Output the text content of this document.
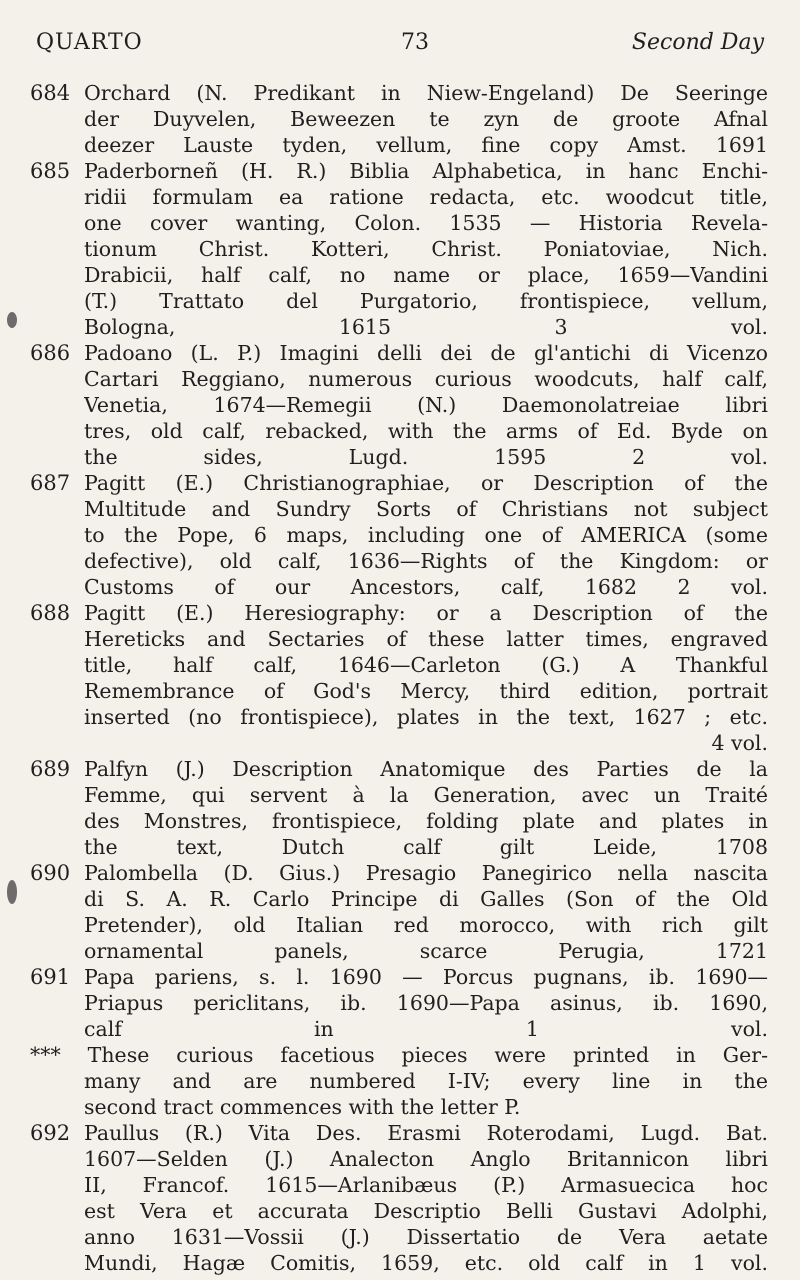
QUARTO	73	Second Day
684 Orchard (N. Predikant in Niew-Engeland) De Seeringe
der Duyvelen, Beweezen te zyn de groote Afnal
deezer Lauste tyden, vellum, fine copy Amst. 1691
685 Paderborneñ (H. R.) Biblia Alphabetica, in hanc Enchi-
ridii formulam ea ratione redacta, etc. woodcut title,
one cover wanting, Colon. 1535 — Historia Revela-
tionum Christ. Kotteri, Christ. Poniatoviae, Nich.
Drabicii, half calf, no name or place, 1659—Vandini
(T.) Trattato del Purgatorio, frontispiece, vellum,
Bologna, 1615 3 vol.
686 Padoano (L. P.) Imagini delli dei de gl'antichi di Vicenzo
Cartari Reggiano, numerous curious woodcuts, half calf,
Venetia, 1674—Remegii (N.) Daemonolatreiae libri
tres, old calf, rebacked, with the arms of Ed. Byde on
the sides, Lugd. 1595 2 vol.
687 Pagitt (E.) Christianographiae, or Description of the
Multitude and Sundry Sorts of Christians not subject
to the Pope, 6 maps, including one of AMERICA (some
defective), old calf, 1636—Rights of the Kingdom: or
Customs of our Ancestors, calf, 1682 2 vol.
688 Pagitt (E.) Heresiography: or a Description of the
Hereticks and Sectaries of these latter times, engraved
title, half calf, 1646—Carleton (G.) A Thankful
Remembrance of God's Mercy, third edition, portrait
inserted (no frontispiece), plates in the text, 1627 ; etc.
4 vol.
689 Palfyn (J.) Description Anatomique des Parties de la
Femme, qui servent à la Generation, avec un Traité
des Monstres, frontispiece, folding plate and plates in
the text, Dutch calf gilt Leide, 1708
690 Palombella (D. Gius.) Presagio Panegirico nella nascita
di S. A. R. Carlo Principe di Galles (Son of the Old
Pretender), old Italian red morocco, with rich gilt
ornamental panels, scarce Perugia, 1721
691 Papa pariens, s. l. 1690 — Porcus pugnans, ib. 1690—
Priapus periclitans, ib. 1690—Papa asinus, ib. 1690,
calf in 1 vol.
*** These curious facetious pieces were printed in Ger-
many and are numbered I-IV; every line in the
second tract commences with the letter P.
692 Paullus (R.) Vita Des. Erasmi Roterodami, Lugd. Bat.
1607—Selden (J.) Analecton Anglo Britannicon libri
II, Francof. 1615—Arlanibæus (P.) Armasuecica hoc
est Vera et accurata Descriptio Belli Gustavi Adolphi,
anno 1631—Vossii (J.) Dissertatio de Vera aetate
Mundi, Hagæ Comitis, 1659, etc. old calf in 1 vol.
